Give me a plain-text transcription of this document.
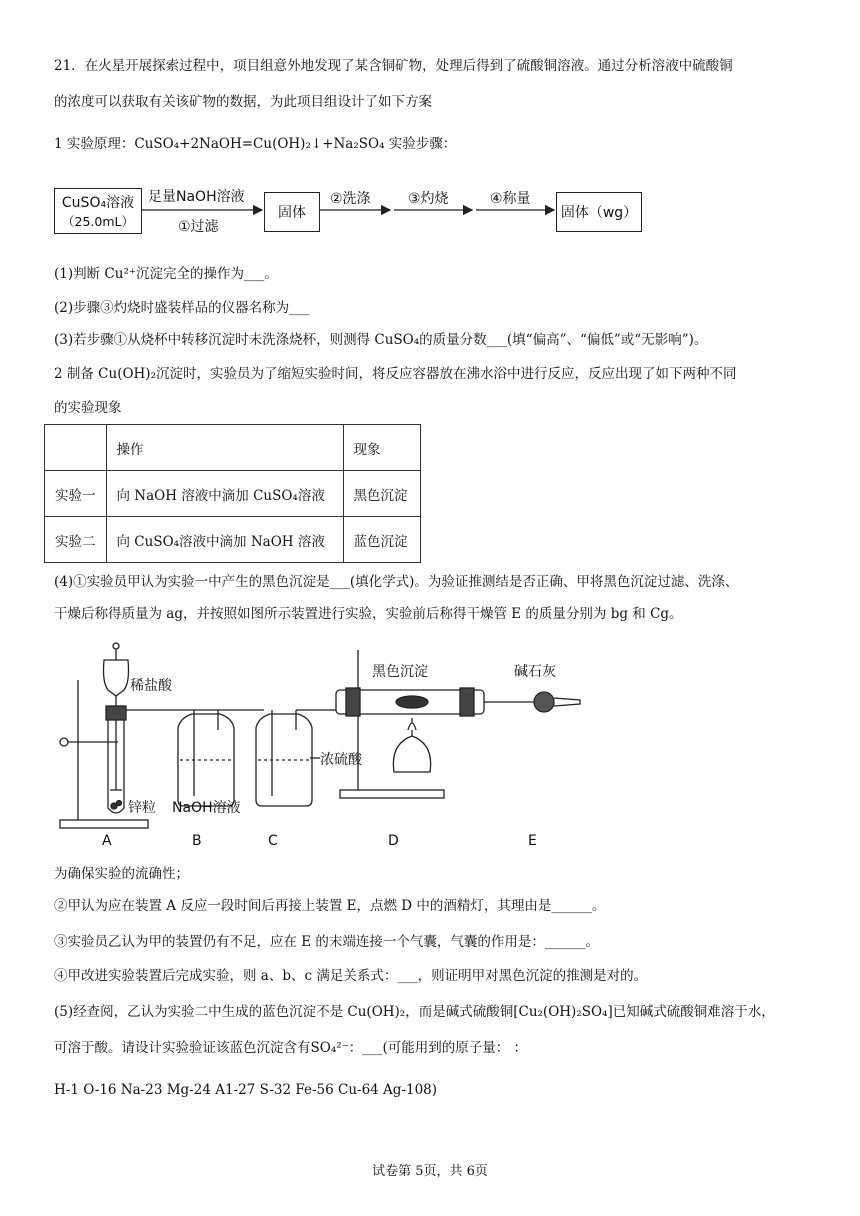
21．在火星开展探索过程中，项目组意外地发现了某含铜矿物，处理后得到了硫酸铜溶液。通过分析溶液中硫酸铜
的浓度可以获取有关该矿物的数据，为此项目组设计了如下方案
1 实验原理：CuSO₄+2NaOH=Cu(OH)₂↓+Na₂SO₄ 实验步骤：
CuSO₄溶液
（25.0mL）
足量NaOH溶液
①过滤
固体
②洗涤	③灼烧	④称量
固体（wg）
(1)判断 Cu²⁺沉淀完全的操作为___。
(2)步骤③灼烧时盛装样品的仪器名称为___
(3)若步骤①从烧杯中转移沉淀时未洗涤烧杯，则测得 CuSO₄的质量分数___(填“偏高”、“偏低”或“无影响”)。
2 制备 Cu(OH)₂沉淀时，实验员为了缩短实验时间，将反应容器放在沸水浴中进行反应，反应出现了如下两种不同
的实验现象
	操作	现象
实验一	向 NaOH 溶液中滴加 CuSO₄溶液	黑色沉淀
实验二	向 CuSO₄溶液中滴加 NaOH 溶液	蓝色沉淀
(4)①实验员甲认为实验一中产生的黑色沉淀是___(填化学式)。为验证推测结是否正确、甲将黑色沉淀过滤、洗涤、
干燥后称得质量为 ag，并按照如图所示装置进行实验，实验前后称得干燥管 E 的质量分别为 bg 和 Cg。
稀盐酸
锌粒
A
NaOH溶液
B
浓硫酸
C
黑色沉淀
D
碱石灰
E
为确保实验的流确性；
②甲认为应在装置 A 反应一段时间后再接上装置 E，点燃 D 中的酒精灯，其理由是______。
③实验员乙认为甲的装置仍有不足，应在 E 的末端连接一个气囊，气囊的作用是：______。
④甲改进实验装置后完成实验，则 a、b、c 满足关系式：___，则证明甲对黑色沉淀的推测是对的。
(5)经查阅，乙认为实验二中生成的蓝色沉淀不是 Cu(OH)₂，而是碱式硫酸铜[Cu₂(OH)₂SO₄]已知碱式硫酸铜难溶于水，
可溶于酸。请设计实验验证该蓝色沉淀含有SO₄²⁻：___(可能用到的原子量： ：
H-1 O-16 Na-23 Mg-24 A1-27 S-32 Fe-56 Cu-64 Ag-108)
试卷第 5页，共 6页
